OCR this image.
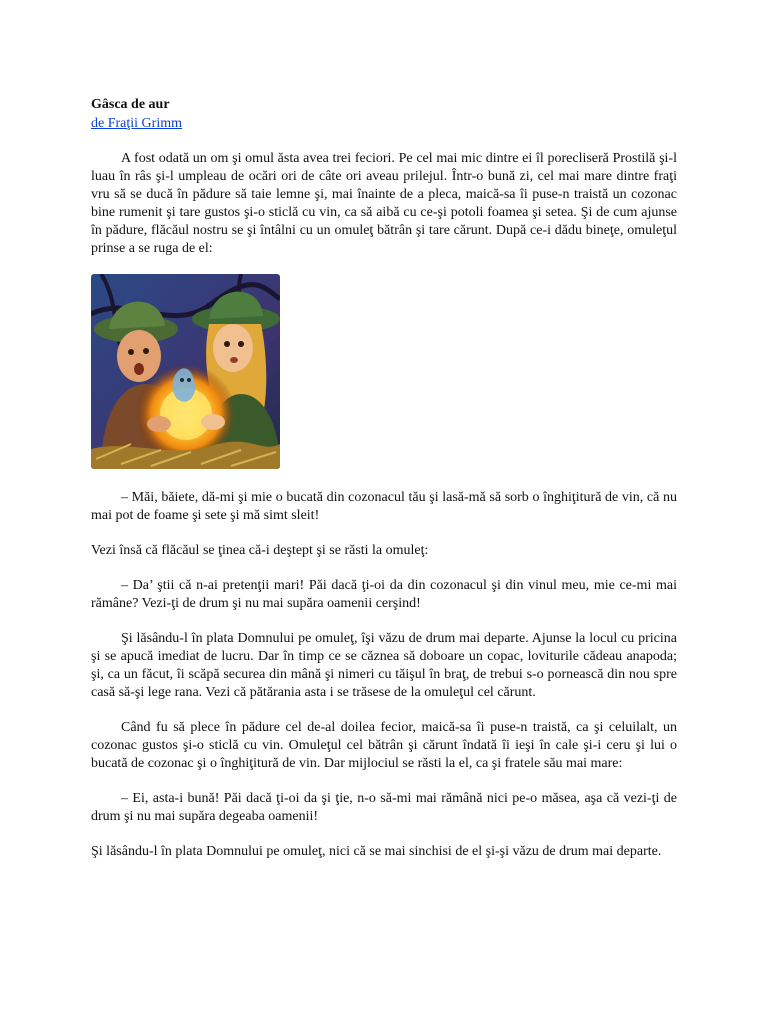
Gâsca de aur

de Fraţii Grimm

A fost odată un om şi omul ăsta avea trei feciori. Pe cel mai mic dintre ei îl porecliseră Prostilă şi-l luau în râs şi-l umpleau de ocări ori de câte ori aveau prilejul. Într-o bună zi, cel mai mare dintre fraţi vru să se ducă în pădure să taie lemne şi, mai înainte de a pleca, maică-sa îi puse-n traistă un cozonac bine rumenit şi tare gustos şi-o sticlă cu vin, ca să aibă cu ce-şi potoli foamea şi setea. Şi de cum ajunse în pădure, flăcăul nostru se şi întâlni cu un omuleţ bătrân şi tare cărunt. După ce-i dădu bineţe, omuleţul prinse a se ruga de el:

– Măi, băiete, dă-mi şi mie o bucată din cozonacul tău şi lasă-mă să sorb o înghiţitură de vin, că nu mai pot de foame şi sete şi mă simt sleit!

Vezi însă că flăcăul se ţinea că-i deştept şi se răsti la omuleţ:

– Da’ ştii că n-ai pretenţii mari! Păi dacă ţi-oi da din cozonacul şi din vinul meu, mie ce-mi mai rămâne? Vezi-ţi de drum şi nu mai supăra oamenii cerşind!

Şi lăsându-l în plata Domnului pe omuleţ, îşi văzu de drum mai departe. Ajunse la locul cu pricina şi se apucă imediat de lucru. Dar în timp ce se căznea să doboare un copac, loviturile cădeau anapoda; şi, ca un făcut, îi scăpă securea din mână şi nimeri cu tăişul în braţ, de trebui s-o pornească din nou spre casă să-şi lege rana. Vezi că pătărania asta i se trăsese de la omuleţul cel cărunt.

Când fu să plece în pădure cel de-al doilea fecior, maică-sa îi puse-n traistă, ca şi celuilalt, un cozonac gustos şi-o sticlă cu vin. Omuleţul cel bătrân şi cărunt îndată îi ieşi în cale şi-i ceru şi lui o bucată de cozonac şi o înghiţitură de vin. Dar mijlociul se răsti la el, ca şi fratele său mai mare:

– Ei, asta-i bună! Păi dacă ţi-oi da şi ţie, n-o să-mi mai rămână nici pe-o măsea, aşa că vezi-ţi de drum şi nu mai supăra degeaba oamenii!

Şi lăsându-l în plata Domnului pe omuleţ, nici că se mai sinchisi de el şi-şi văzu de drum mai departe.
